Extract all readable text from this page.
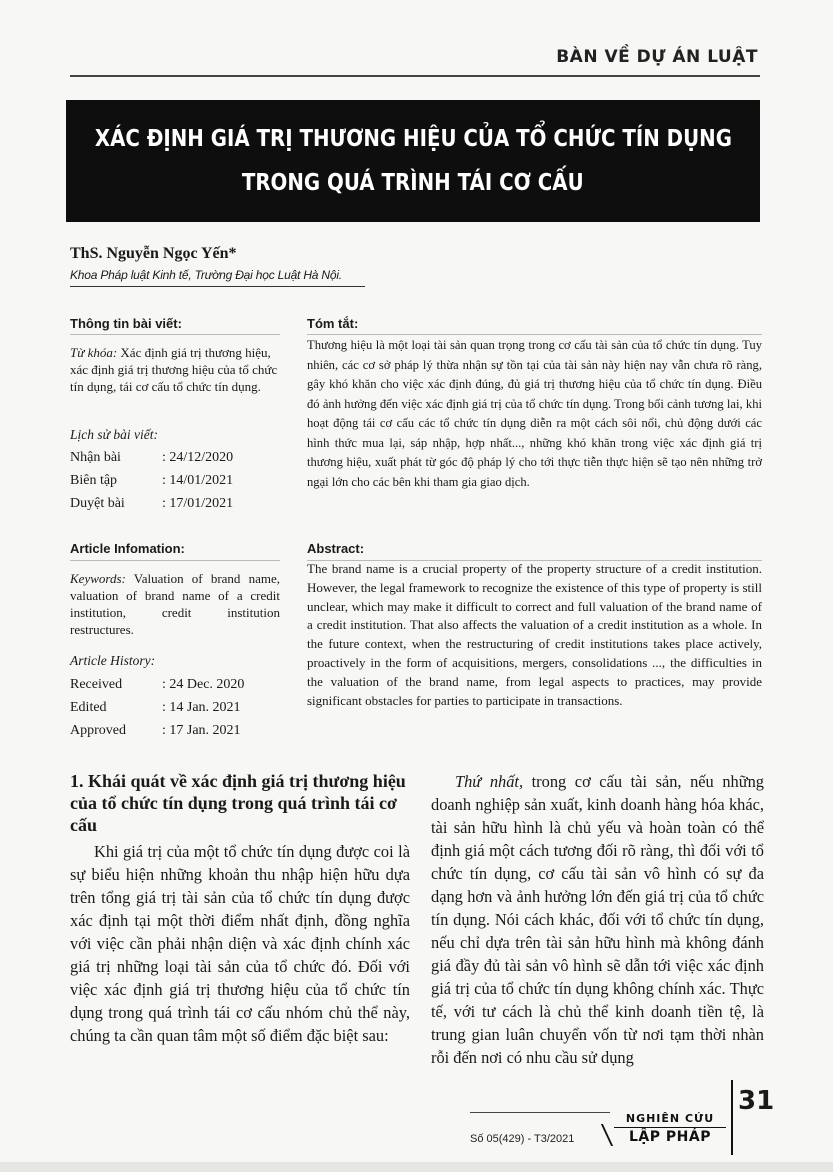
BÀN VỀ DỰ ÁN LUẬT
XÁC ĐỊNH GIÁ TRỊ THƯƠNG HIỆU CỦA TỔ CHỨC TÍN DỤNG
TRONG QUÁ TRÌNH TÁI CƠ CẤU
ThS. Nguyễn Ngọc Yến*
Khoa Pháp luật Kinh tế, Trường Đại học Luật Hà Nội.
Thông tin bài viết:
Từ khóa: Xác định giá trị thương hiệu, xác định giá trị thương hiệu của tổ chức tín dụng, tái cơ cấu tổ chức tín dụng.
Lịch sử bài viết:
Nhận bài	: 24/12/2020
Biên tập	: 14/01/2021
Duyệt bài	: 17/01/2021
Tóm tắt:
Thương hiệu là một loại tài sản quan trọng trong cơ cấu tài sản của tổ chức tín dụng. Tuy nhiên, các cơ sở pháp lý thừa nhận sự tồn tại của tài sản này hiện nay vẫn chưa rõ ràng, gây khó khăn cho việc xác định đúng, đủ giá trị thương hiệu của tổ chức tín dụng. Điều đó ảnh hưởng đến việc xác định giá trị của tổ chức tín dụng. Trong bối cảnh tương lai, khi hoạt động tái cơ cấu các tổ chức tín dụng diễn ra một cách sôi nổi, chủ động dưới các hình thức mua lại, sáp nhập, hợp nhất..., những khó khăn trong việc xác định giá trị thương hiệu, xuất phát từ góc độ pháp lý cho tới thực tiễn thực hiện sẽ tạo nên những trở ngại lớn cho các bên khi tham gia giao dịch.
Article Infomation:
Keywords: Valuation of brand name, valuation of brand name of a credit institution, credit institution restructures.
Article History:
Received	: 24 Dec. 2020
Edited	: 14 Jan. 2021
Approved	: 17 Jan. 2021
Abstract:
The brand name is a crucial property of the property structure of a credit institution. However, the legal framework to recognize the existence of this type of property is still unclear, which may make it difficult to correct and full valuation of the brand name of a credit institution. That also affects the valuation of a credit institution as a whole. In the future context, when the restructuring of credit institutions takes place actively, proactively in the form of acquisitions, mergers, consolidations ..., the difficulties in the valuation of the brand name, from legal aspects to practices, may provide significant obstacles for parties to participate in transactions.
1. Khái quát về xác định giá trị thương hiệu của tổ chức tín dụng trong quá trình tái cơ cấu
Khi giá trị của một tổ chức tín dụng được coi là sự biểu hiện những khoản thu nhập hiện hữu dựa trên tổng giá trị tài sản của tổ chức tín dụng được xác định tại một thời điểm nhất định, đồng nghĩa với việc cần phải nhận diện và xác định chính xác giá trị những loại tài sản của tổ chức đó. Đối với việc xác định giá trị thương hiệu của tổ chức tín dụng trong quá trình tái cơ cấu nhóm chủ thể này, chúng ta cần quan tâm một số điểm đặc biệt sau:
Thứ nhất, trong cơ cấu tài sản, nếu những doanh nghiệp sản xuất, kinh doanh hàng hóa khác, tài sản hữu hình là chủ yếu và hoàn toàn có thể định giá một cách tương đối rõ ràng, thì đối với tổ chức tín dụng, cơ cấu tài sản vô hình có sự đa dạng hơn và ảnh hưởng lớn đến giá trị của tổ chức tín dụng. Nói cách khác, đối với tổ chức tín dụng, nếu chỉ dựa trên tài sản hữu hình mà không đánh giá đầy đủ tài sản vô hình sẽ dẫn tới việc xác định giá trị của tổ chức tín dụng không chính xác. Thực tế, với tư cách là chủ thể kinh doanh tiền tệ, là trung gian luân chuyển vốn từ nơi tạm thời nhàn rỗi đến nơi có nhu cầu sử dụng
Số 05(429) - T3/2021
NGHIÊN CỨU
LẬP PHÁP
31
